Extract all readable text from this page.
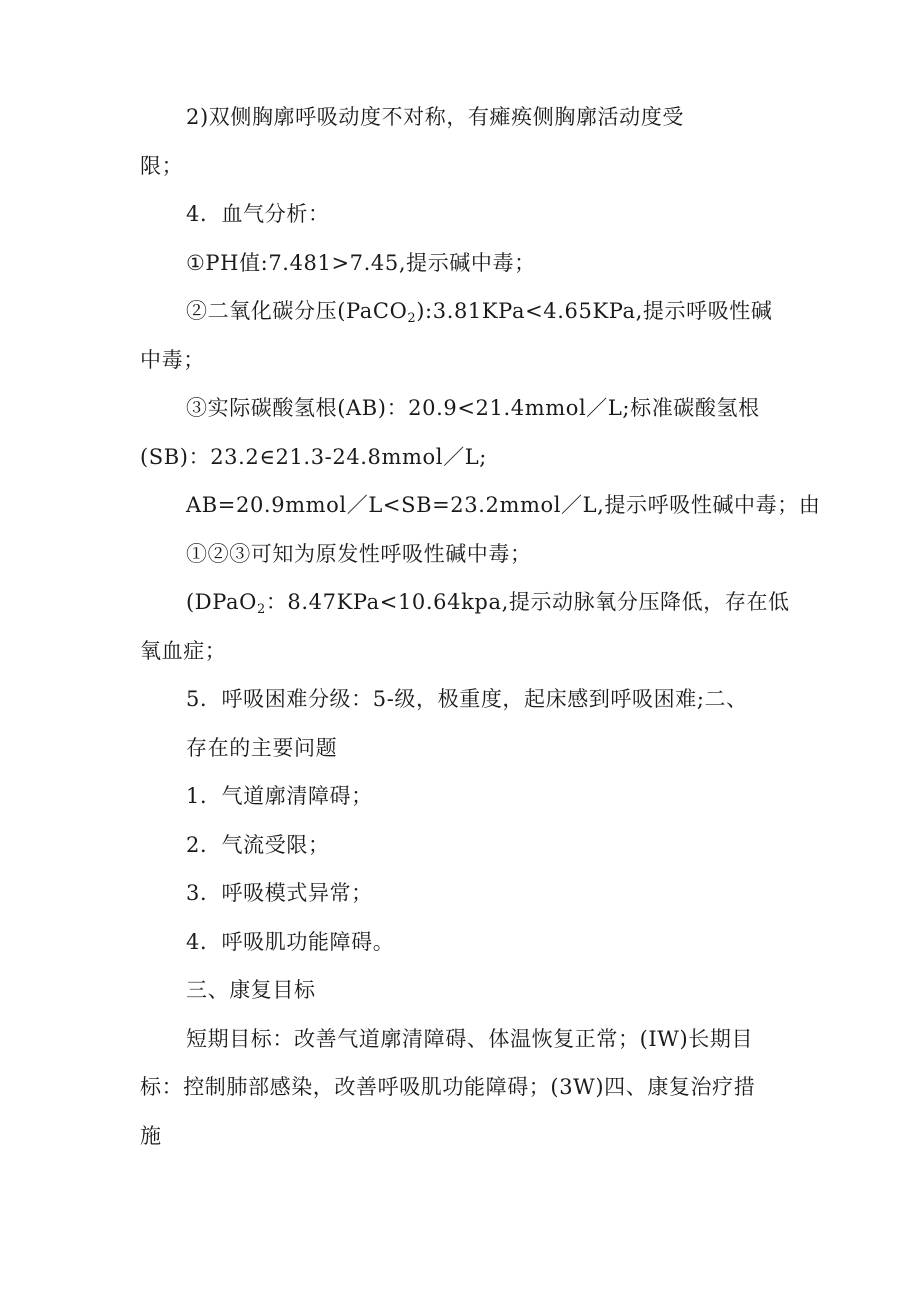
2)双侧胸廓呼吸动度不对称，有瘫痪侧胸廓活动度受
限；
4．血气分析：
①PH值:7.481>7.45,提示碱中毒；
②二氧化碳分压(PaCO$_2$):3.81KPa<4.65KPa,提示呼吸性碱
中毒；
③实际碳酸氢根(AB)：20.9<21.4mmol／L;标准碳酸氢根
(SB)：23.2∈21.3-24.8mmol／L;
AB=20.9mmol／L<SB=23.2mmol／L,提示呼吸性碱中毒；由
①②③可知为原发性呼吸性碱中毒；
(DPaO$_2$：8.47KPa<10.64kpa,提示动脉氧分压降低，存在低
氧血症；
5．呼吸困难分级：5-级，极重度，起床感到呼吸困难;二、
存在的主要问题
1．气道廓清障碍；
2．气流受限；
3．呼吸模式异常；
4．呼吸肌功能障碍。
三、康复目标
短期目标：改善气道廓清障碍、体温恢复正常；(IW)长期目
标：控制肺部感染，改善呼吸肌功能障碍；(3W)四、康复治疗措
施
